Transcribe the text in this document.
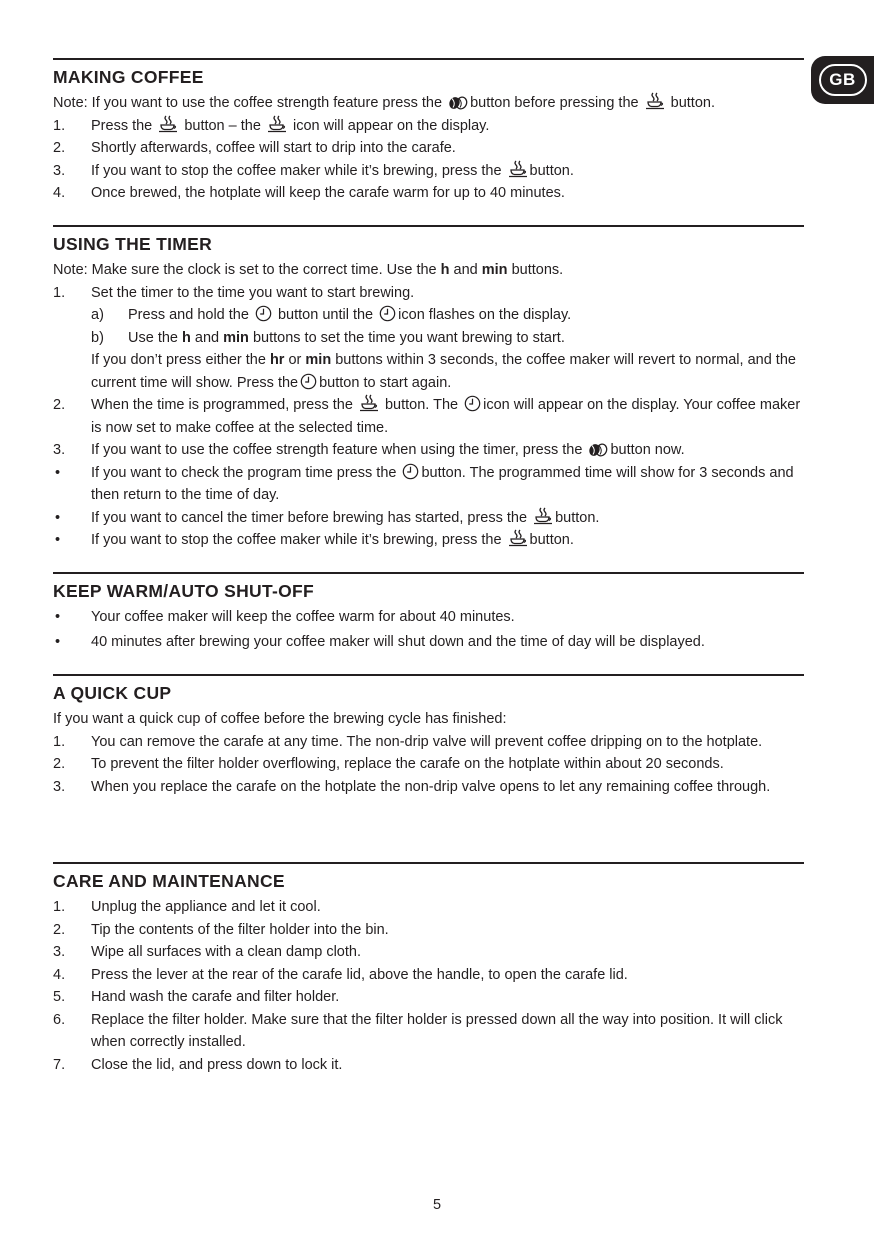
GB
MAKING COFFEE
Note: If you want to use the coffee strength feature press the button before pressing the button.
1.	Press the button – the icon will appear on the display.
2.	Shortly afterwards, coffee will start to drip into the carafe.
3.	If you want to stop the coffee maker while it’s brewing, press the button.
4.	Once brewed, the hotplate will keep the carafe warm for up to 40 minutes.
USING THE TIMER
Note: Make sure the clock is set to the correct time. Use the h and min buttons.
1.	Set the timer to the time you want to start brewing.
a)	Press and hold the button until the icon flashes on the display.
b)	Use the h and min buttons to set the time you want brewing to start.
If you don’t press either the hr or min buttons within 3 seconds, the coffee maker will revert to normal, and the current time will show. Press the button to start again.
2.	When the time is programmed, press the button. The icon will appear on the display. Your coffee maker is now set to make coffee at the selected time.
3.	If you want to use the coffee strength feature when using the timer, press the button now.
•	If you want to check the program time press the button. The programmed time will show for 3 seconds and then return to the time of day.
•	If you want to cancel the timer before brewing has started, press the button.
•	If you want to stop the coffee maker while it’s brewing, press the button.
KEEP WARM/AUTO SHUT-OFF
•	Your coffee maker will keep the coffee warm for about 40 minutes.
•	40 minutes after brewing your coffee maker will shut down and the time of day will be displayed.
A QUICK CUP
If you want a quick cup of coffee before the brewing cycle has finished:
1.	You can remove the carafe at any time. The non-drip valve will prevent coffee dripping on to the hotplate.
2.	To prevent the filter holder overflowing, replace the carafe on the hotplate within about 20 seconds.
3.	When you replace the carafe on the hotplate the non-drip valve opens to let any remaining coffee through.
CARE AND MAINTENANCE
1.	Unplug the appliance and let it cool.
2.	Tip the contents of the filter holder into the bin.
3.	Wipe all surfaces with a clean damp cloth.
4.	Press the lever at the rear of the carafe lid, above the handle, to open the carafe lid.
5.	Hand wash the carafe and filter holder.
6.	Replace the filter holder. Make sure that the filter holder is pressed down all the way into position. It will click when correctly installed.
7.	Close the lid, and press down to lock it.
5
